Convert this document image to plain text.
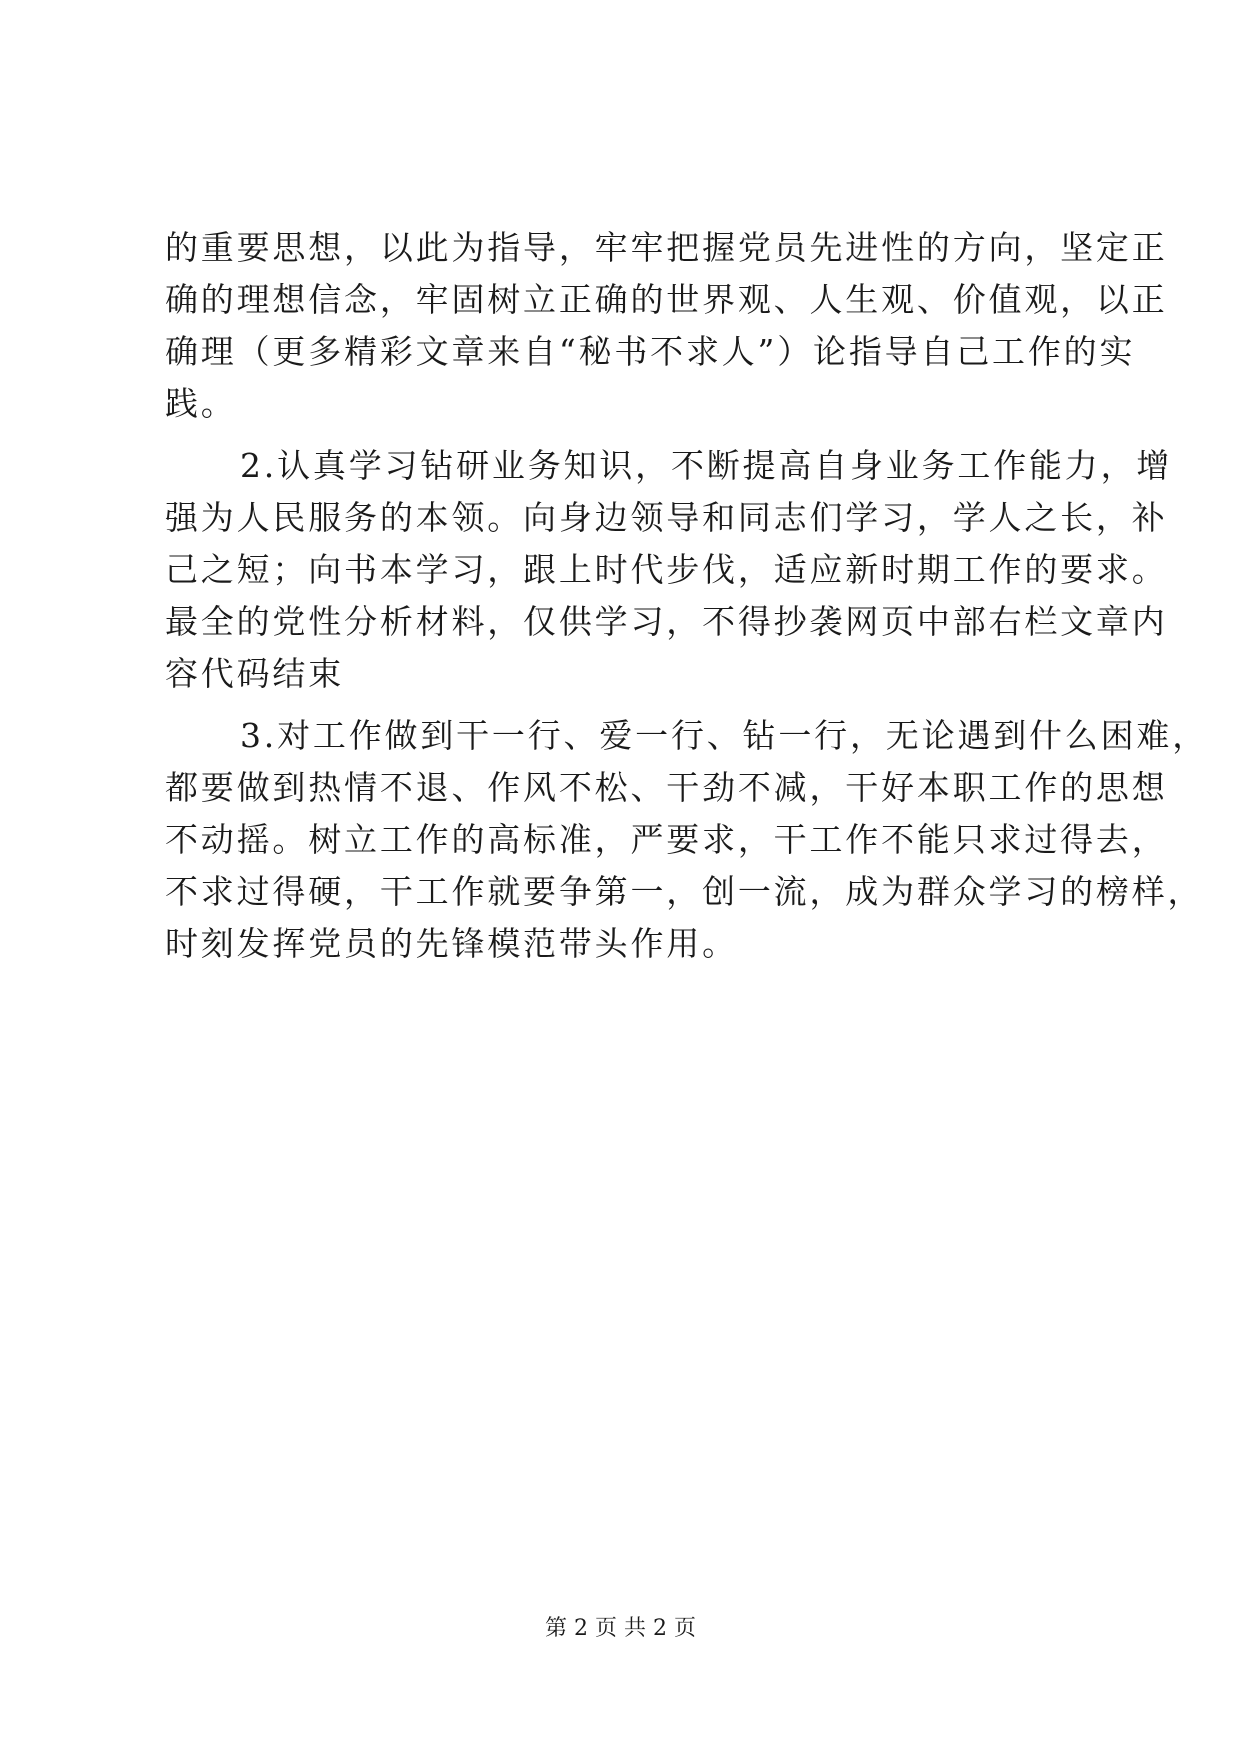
的重要思想，以此为指导，牢牢把握党员先进性的方向，坚定正
确的理想信念，牢固树立正确的世界观、人生观、价值观，以正
确理（更多精彩文章来自“秘书不求人”）论指导自己工作的实
践。
2.认真学习钻研业务知识，不断提高自身业务工作能力，增
强为人民服务的本领。向身边领导和同志们学习，学人之长，补
己之短；向书本学习，跟上时代步伐，适应新时期工作的要求。
最全的党性分析材料，仅供学习，不得抄袭网页中部右栏文章内
容代码结束
3.对工作做到干一行、爱一行、钻一行，无论遇到什么困难，
都要做到热情不退、作风不松、干劲不减，干好本职工作的思想
不动摇。树立工作的高标准，严要求，干工作不能只求过得去，
不求过得硬，干工作就要争第一，创一流，成为群众学习的榜样，
时刻发挥党员的先锋模范带头作用。
第 2 页 共 2 页
